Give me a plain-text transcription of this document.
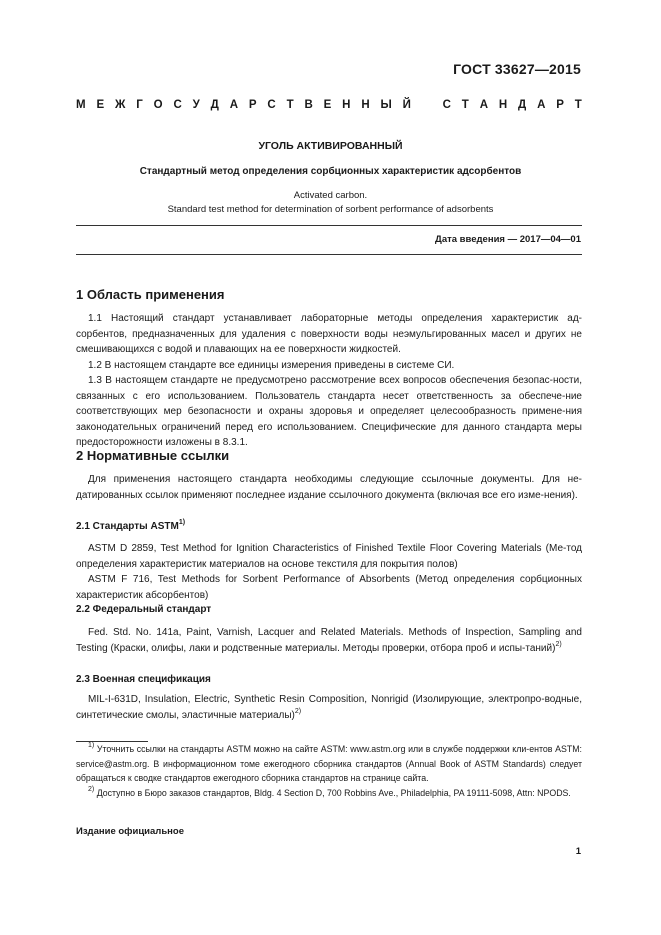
ГОСТ 33627—2015
М Е Ж Г О С У Д А Р С Т В Е Н Н Ы Й
	С Т А Н Д А Р Т
УГОЛЬ АКТИВИРОВАННЫЙ
Стандартный метод определения сорбционных характеристик адсорбентов
Activated carbon.
Standard test method for determination of sorbent performance of adsorbents
Дата введения — 2017—04—01
1 Область применения

1.1 Настоящий стандарт устанавливает лабораторные методы определения характеристик ад-сорбентов, предназначенных для удаления с поверхности воды неэмульгированных масел и других не смешивающихся с водой и плавающих на ее поверхности жидкостей.

1.2 В настоящем стандарте все единицы измерения приведены в системе СИ.

1.3 В настоящем стандарте не предусмотрено рассмотрение всех вопросов обеспечения безопас-ности, связанных с его использованием. Пользователь стандарта несет ответственность за обеспече-ние соответствующих мер безопасности и охраны здоровья и определяет целесообразность примене-ния законодательных ограничений перед его использованием. Специфические для данного стандарта меры предосторожности изложены в 8.3.1.

2 Нормативные ссылки

Для применения настоящего стандарта необходимы следующие ссылочные документы. Для не-датированных ссылок применяют последнее издание ссылочного документа (включая все его изме-нения).

2.1 Стандарты ASTM$^{1)}$

ASTM D 2859, Test Method for Ignition Characteristics of Finished Textile Floor Covering Materials (Ме-тод определения характеристик материалов на основе текстиля для покрытия полов)

ASTM F 716, Test Methods for Sorbent Performance of Absorbents (Метод определения сорбционных характеристик абсорбентов)

2.2 Федеральный стандарт

Fed. Std. No. 141a, Paint, Varnish, Lacquer and Related Materials. Methods of Inspection, Sampling and Testing (Краски, олифы, лаки и родственные материалы. Методы проверки, отбора проб и испы-таний)$^{2)}$

2.3 Военная спецификация

MIL-I-631D, Insulation, Electric, Synthetic Resin Composition, Nonrigid (Изолирующие, электропро-водные, синтетические смолы, эластичные материалы)$^{2)}$

$^{1)}$ Уточнить ссылки на стандарты ASTM можно на сайте ASTM: www.astm.org или в службе поддержки кли-ентов ASTM: service@astm.org. В информационном томе ежегодного сборника стандартов (Annual Book of ASTM Standards) следует обращаться к сводке стандартов ежегодного сборника стандартов на странице сайта.

$^{2)}$ Доступно в Бюро заказов стандартов, Bldg. 4 Section D, 700 Robbins Ave., Philadelphia, PA 19111-5098, Attn: NPODS.

Издание официальное
1
